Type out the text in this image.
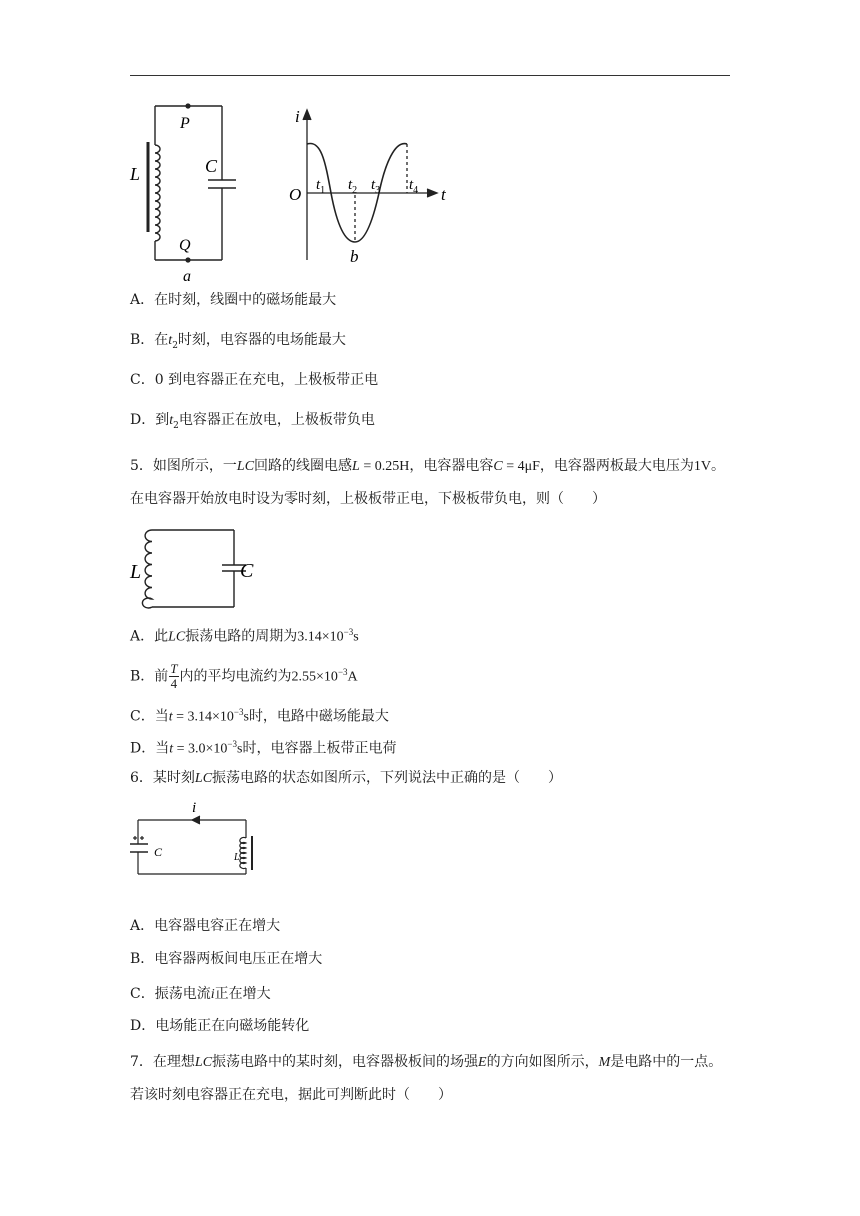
L	C
P
Q
a
i
t
O $t_1$ $t_2$ $t_3$ $t_4$
b
A．在时刻，线圈中的磁场能最大
B．在$t_2$时刻，电容器的电场能最大
C．0 到电容器正在充电，上极板带正电
D．到$t_2$电容器正在放电，上极板带负电
5．如图所示，一LC回路的线圈电感L = 0.25H，电容器电容C = 4μF，电容器两板最大电压为1V。在电容器开始放电时设为零时刻，上极板带正电，下极板带负电，则（　　）
L	C
A．此LC振荡电路的周期为$3.14\times 10^{-3}s$
B．前 $\frac{T}{4}$ 内的平均电流约为$2.55\times 10^{-3}A$
C．当$t = 3.14\times 10^{-3}s$时，电路中磁场能最大
D．当$t = 3.0\times 10^{-3}s$时，电容器上板带正电荷
6．某时刻LC振荡电路的状态如图所示，下列说法中正确的是（　　）
i
C	L
A．电容器电容正在增大
B．电容器两板间电压正在增大
C．振荡电流i正在增大
D．电场能正在向磁场能转化
7．在理想LC振荡电路中的某时刻，电容器极板间的场强E的方向如图所示，M是电路中的一点。若该时刻电容器正在充电，据此可判断此时（　　）
